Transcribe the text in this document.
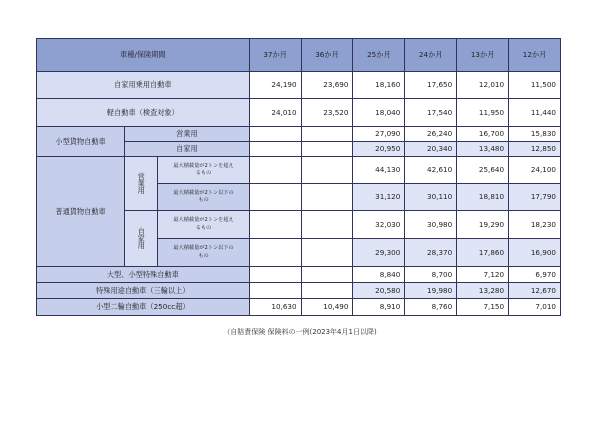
車種/保険期間			37か月	36か月	25か月	24か月	13か月	12か月
自家用乗用自動車			24,190	23,690	18,160	17,650	12,010	11,500
軽自動車（検査対象）			24,010	23,520	18,040	17,540	11,950	11,440
小型貨物自動車	営業用				27,090	26,240	16,700	15,830
	自家用				20,950	20,340	13,480	12,850
普通貨物自動車	営業用	最大積載量が2トンを超えるもの			44,130	42,610	25,640	24,100
		最大積載量が2トン以下のもの			31,120	30,110	18,810	17,790
	自家用	最大積載量が2トンを超えるもの			32,030	30,980	19,290	18,230
		最大積載量が2トン以下のもの			29,300	28,370	17,860	16,900
大型、小型特殊自動車					8,840	8,700	7,120	6,970
特殊用途自動車（三輪以上）					20,580	19,980	13,280	12,670
小型二輪自動車（250cc超）			10,630	10,490	8,910	8,760	7,150	7,010
（自賠責保険 保険料の一例(2023年4月1日以降)
